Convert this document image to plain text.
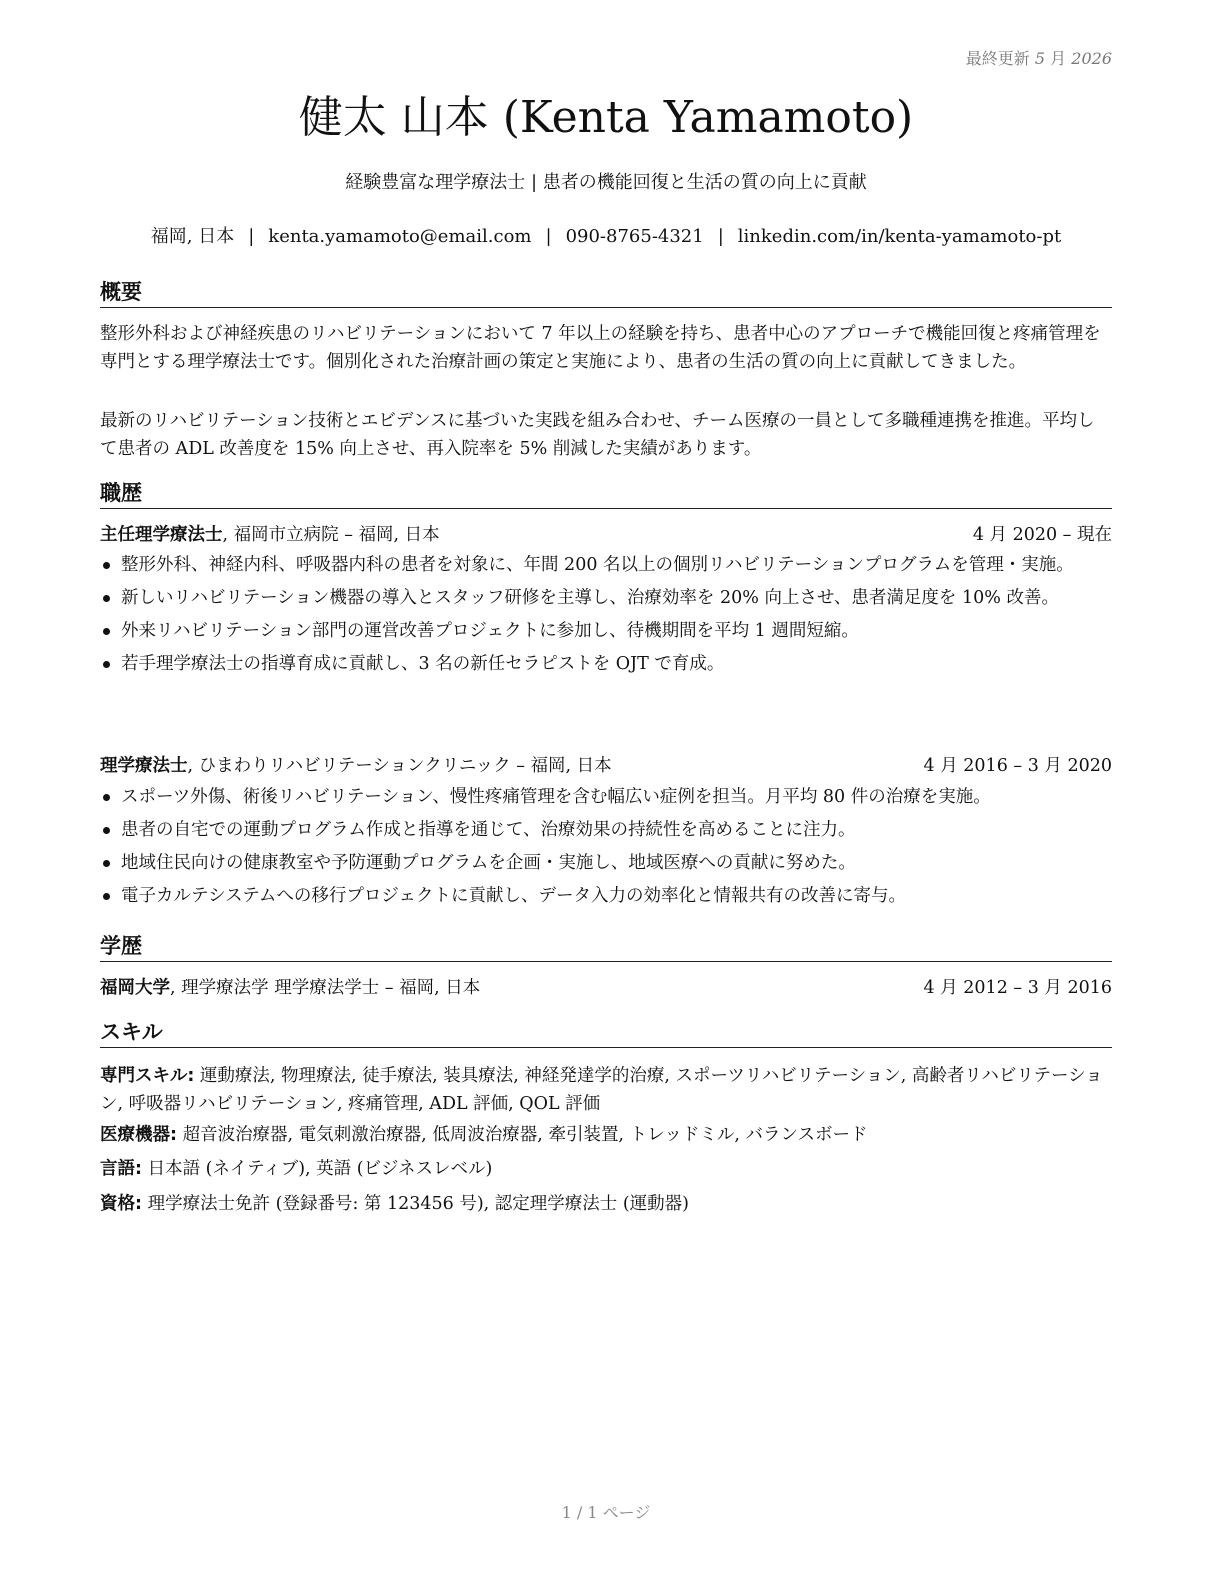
最終更新 5 月 2026
健太 山本 (Kenta Yamamoto)
経験豊富な理学療法士 | 患者の機能回復と生活の質の向上に貢献
福岡, 日本 | kenta.yamamoto@email.com | 090-8765-4321 | linkedin.com/in/kenta-yamamoto-pt
概要

整形外科および神経疾患のリハビリテーションにおいて 7 年以上の経験を持ち、患者中心のアプローチで機能回復と疼痛管理を専門とする理学療法士です。個別化された治療計画の策定と実施により、患者の生活の質の向上に貢献してきました。

最新のリハビリテーション技術とエビデンスに基づいた実践を組み合わせ、チーム医療の一員として多職種連携を推進。平均して患者の ADL 改善度を 15% 向上させ、再入院率を 5% 削減した実績があります。

職歴
主任理学療法士, 福岡市立病院 – 福岡, 日本	4 月 2020 – 現在
整形外科、神経内科、呼吸器内科の患者を対象に、年間 200 名以上の個別リハビリテーションプログラムを管理・実施。
新しいリハビリテーション機器の導入とスタッフ研修を主導し、治療効率を 20% 向上させ、患者満足度を 10% 改善。
外来リハビリテーション部門の運営改善プロジェクトに参加し、待機期間を平均 1 週間短縮。
若手理学療法士の指導育成に貢献し、3 名の新任セラピストを OJT で育成。
理学療法士, ひまわりリハビリテーションクリニック – 福岡, 日本	4 月 2016 – 3 月 2020
スポーツ外傷、術後リハビリテーション、慢性疼痛管理を含む幅広い症例を担当。月平均 80 件の治療を実施。
患者の自宅での運動プログラム作成と指導を通じて、治療効果の持続性を高めることに注力。
地域住民向けの健康教室や予防運動プログラムを企画・実施し、地域医療への貢献に努めた。
電子カルテシステムへの移行プロジェクトに貢献し、データ入力の効率化と情報共有の改善に寄与。
学歴
福岡大学, 理学療法学 理学療法学士 – 福岡, 日本	4 月 2012 – 3 月 2016
スキル
専門スキル: 運動療法, 物理療法, 徒手療法, 装具療法, 神経発達学的治療, スポーツリハビリテーション, 高齢者リハビリテーション, 呼吸器リハビリテーション, 疼痛管理, ADL 評価, QOL 評価
医療機器: 超音波治療器, 電気刺激治療器, 低周波治療器, 牽引装置, トレッドミル, バランスボード
言語: 日本語 (ネイティブ), 英語 (ビジネスレベル)
資格: 理学療法士免許 (登録番号: 第 123456 号), 認定理学療法士 (運動器)
1 / 1 ページ
